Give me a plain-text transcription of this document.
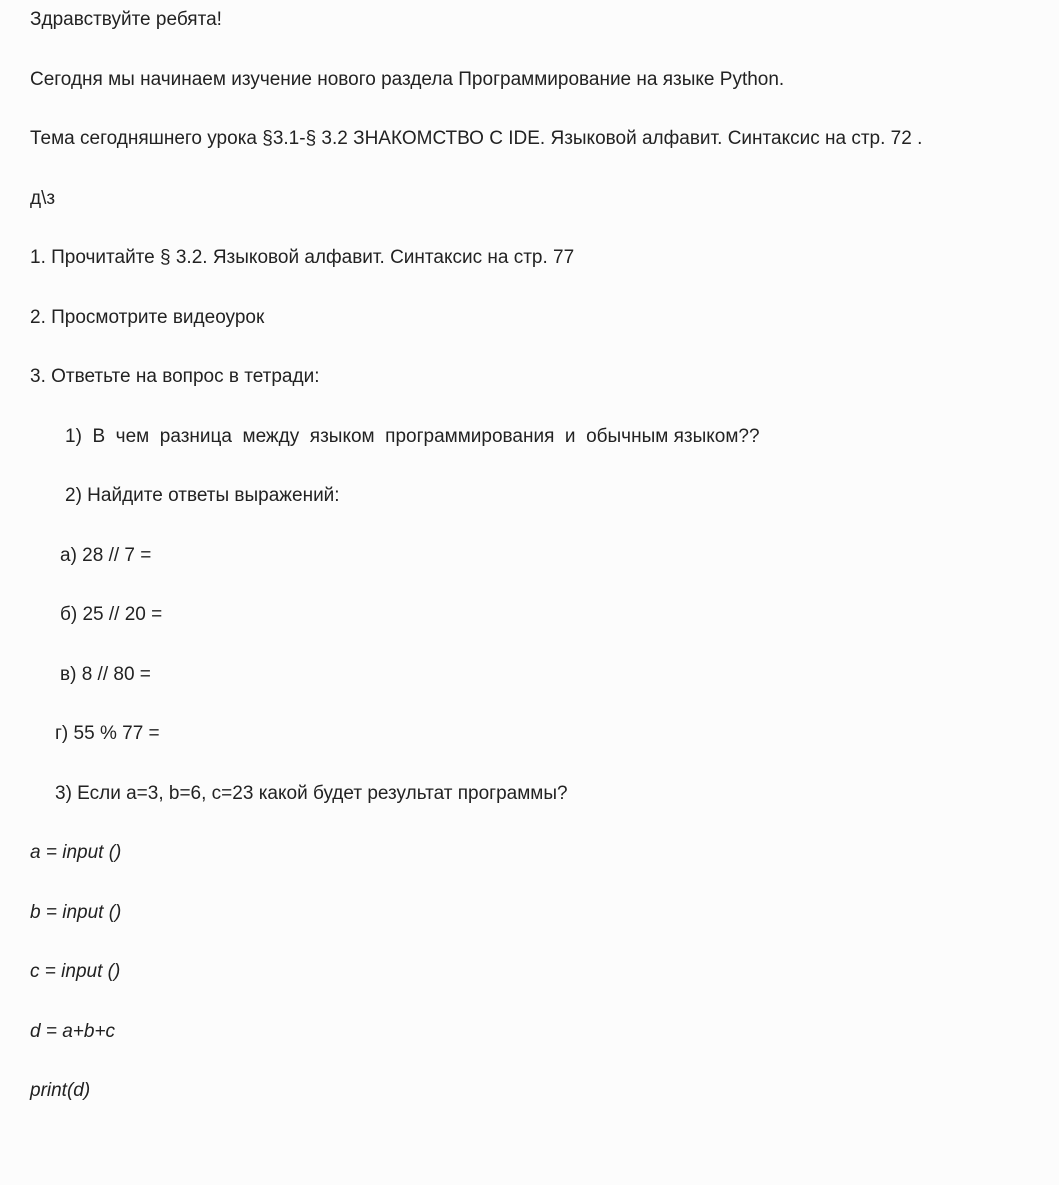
Здравствуйте ребята!
Сегодня мы начинаем изучение нового раздела Программирование на языке Python.
Тема сегодняшнего урока §3.1-§ 3.2 ЗНАКОМСТВО С IDE. Языковой алфавит. Синтаксис на стр. 72 .
д\з
1. Прочитайте § 3.2. Языковой алфавит. Синтаксис на стр. 77
2. Просмотрите видеоурок
3. Ответьте на вопрос в тетради:
1)  В  чем  разница  между  языком  программирования  и  обычным языком??
2) Найдите ответы выражений:
а) 28 // 7 =
б) 25 // 20 =
в) 8 // 80 =
г) 55 % 77 =
3) Если a=3, b=6, c=23 какой будет результат программы?
a = input ()
b = input ()
c = input ()
d = a+b+c
print(d)
